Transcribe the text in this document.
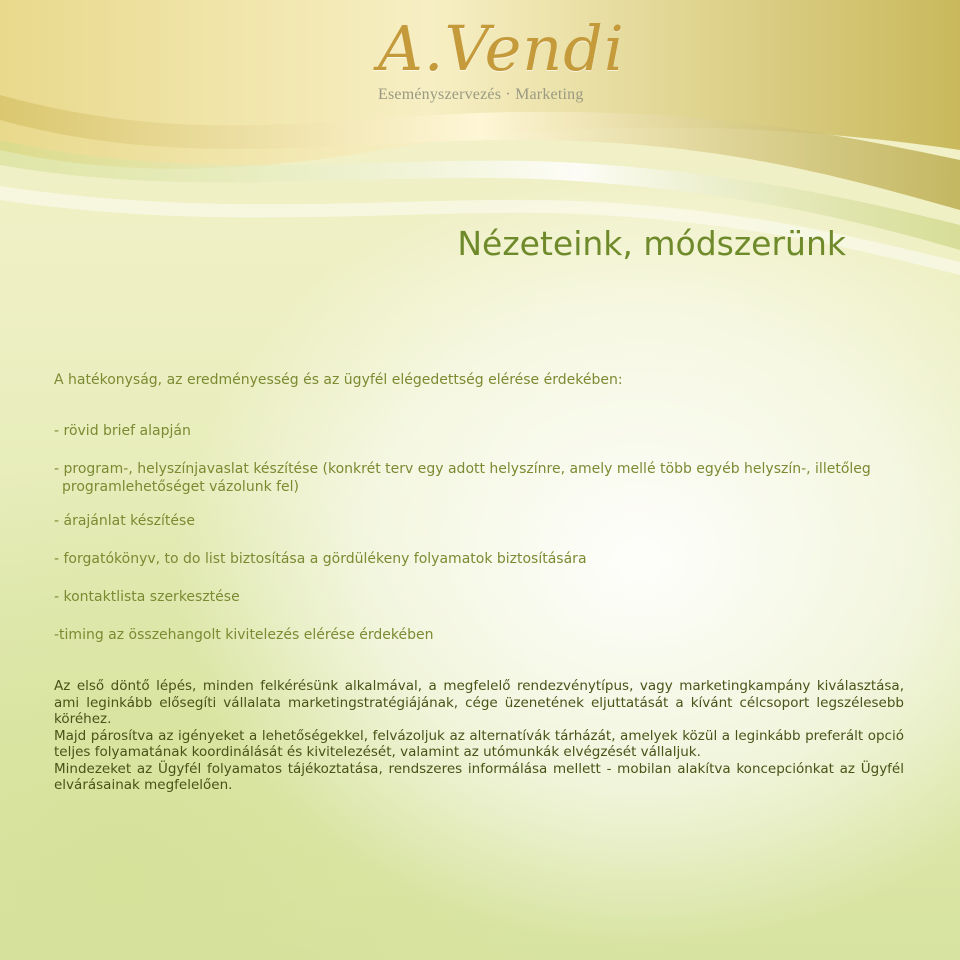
A.Vendi
Eseményszervezés · Marketing
Nézeteink, módszerünk

A hatékonyság, az eredményesség és az ügyfél elégedettség elérése érdekében:

- rövid brief alapján
- program-, helyszínjavaslat készítése (konkrét terv egy adott helyszínre, amely mellé több egyéb helyszín-, illetőleg programlehetőséget vázolunk fel)
- árajánlat készítése
- forgatókönyv, to do list biztosítása a gördülékeny folyamatok biztosítására
- kontaktlista szerkesztése
-timing az összehangolt kivitelezés elérése érdekében

Az első döntő lépés, minden felkérésünk alkalmával, a megfelelő rendezvénytípus, vagy marketingkampány kiválasztása, ami leginkább elősegíti vállalata marketingstratégiájának, cége üzenetének eljuttatását a kívánt célcsoport legszélesebb köréhez.

Majd párosítva az igényeket a lehetőségekkel, felvázoljuk az alternatívák tárházát, amelyek közül a leginkább preferált opció teljes folyamatának koordinálását és kivitelezését, valamint az utómunkák elvégzését vállaljuk.

Mindezeket az Ügyfél folyamatos tájékoztatása, rendszeres informálása mellett - mobilan alakítva koncepciónkat az Ügyfél elvárásainak megfelelően.
